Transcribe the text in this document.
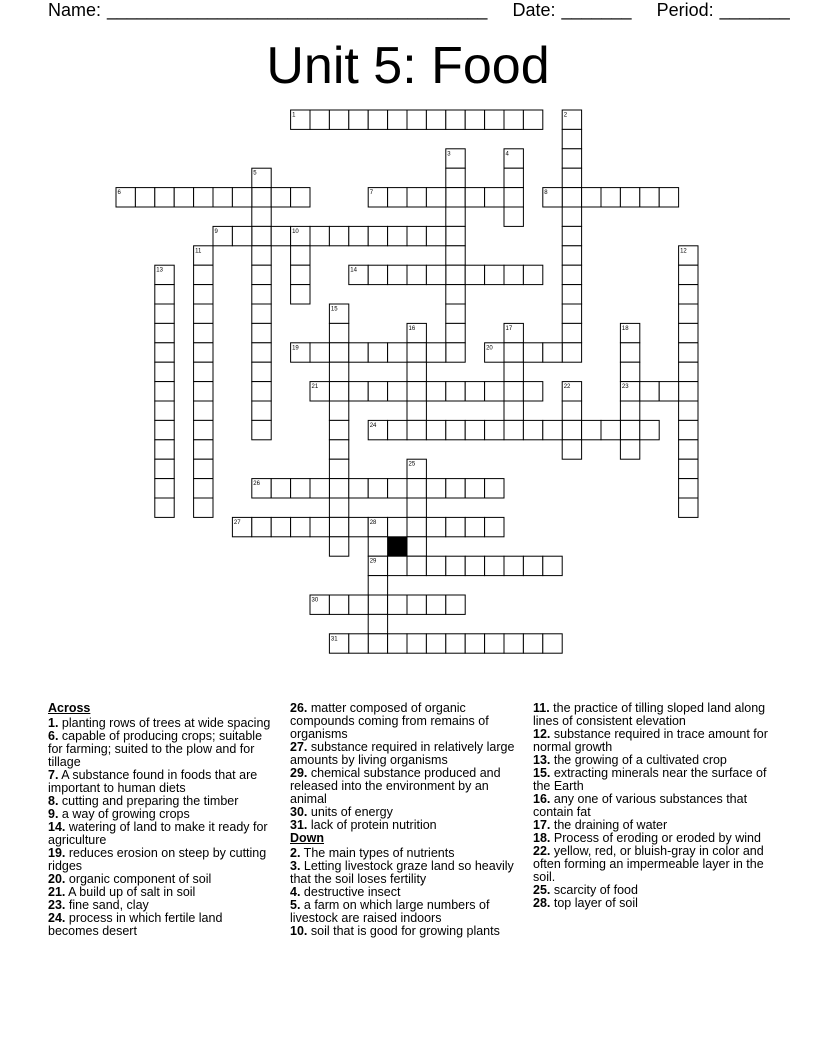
Name: ______________________________________ Date: _______ Period: _______
Unit 5: Food
1	2
3	4
5
6	7	8
9	10
11	12
13	14
15
16	17	18
19	20
21	22	23
24
25
26
27	28
29
30
31
Across
1. planting rows of trees at wide spacing
6. capable of producing crops; suitable for farming; suited to the plow and for tillage
7. A substance found in foods that are important to human diets
8. cutting and preparing the timber
9. a way of growing crops
14. watering of land to make it ready for agriculture
19. reduces erosion on steep by cutting ridges
20. organic component of soil
21. A build up of salt in soil
23. fine sand, clay
24. process in which fertile land becomes desert
26. matter composed of organic compounds coming from remains of organisms
27. substance required in relatively large amounts by living organisms
29. chemical substance produced and released into the environment by an animal
30. units of energy
31. lack of protein nutrition
Down
2. The main types of nutrients
3. Letting livestock graze land so heavily that the soil loses fertility
4. destructive insect
5. a farm on which large numbers of livestock are raised indoors
10. soil that is good for growing plants
11. the practice of tilling sloped land along lines of consistent elevation
12. substance required in trace amount for normal growth
13. the growing of a cultivated crop
15. extracting minerals near the surface of the Earth
16. any one of various substances that contain fat
17. the draining of water
18. Process of eroding or eroded by wind
22. yellow, red, or bluish-gray in color and often forming an impermeable layer in the soil.
25. scarcity of food
28. top layer of soil
